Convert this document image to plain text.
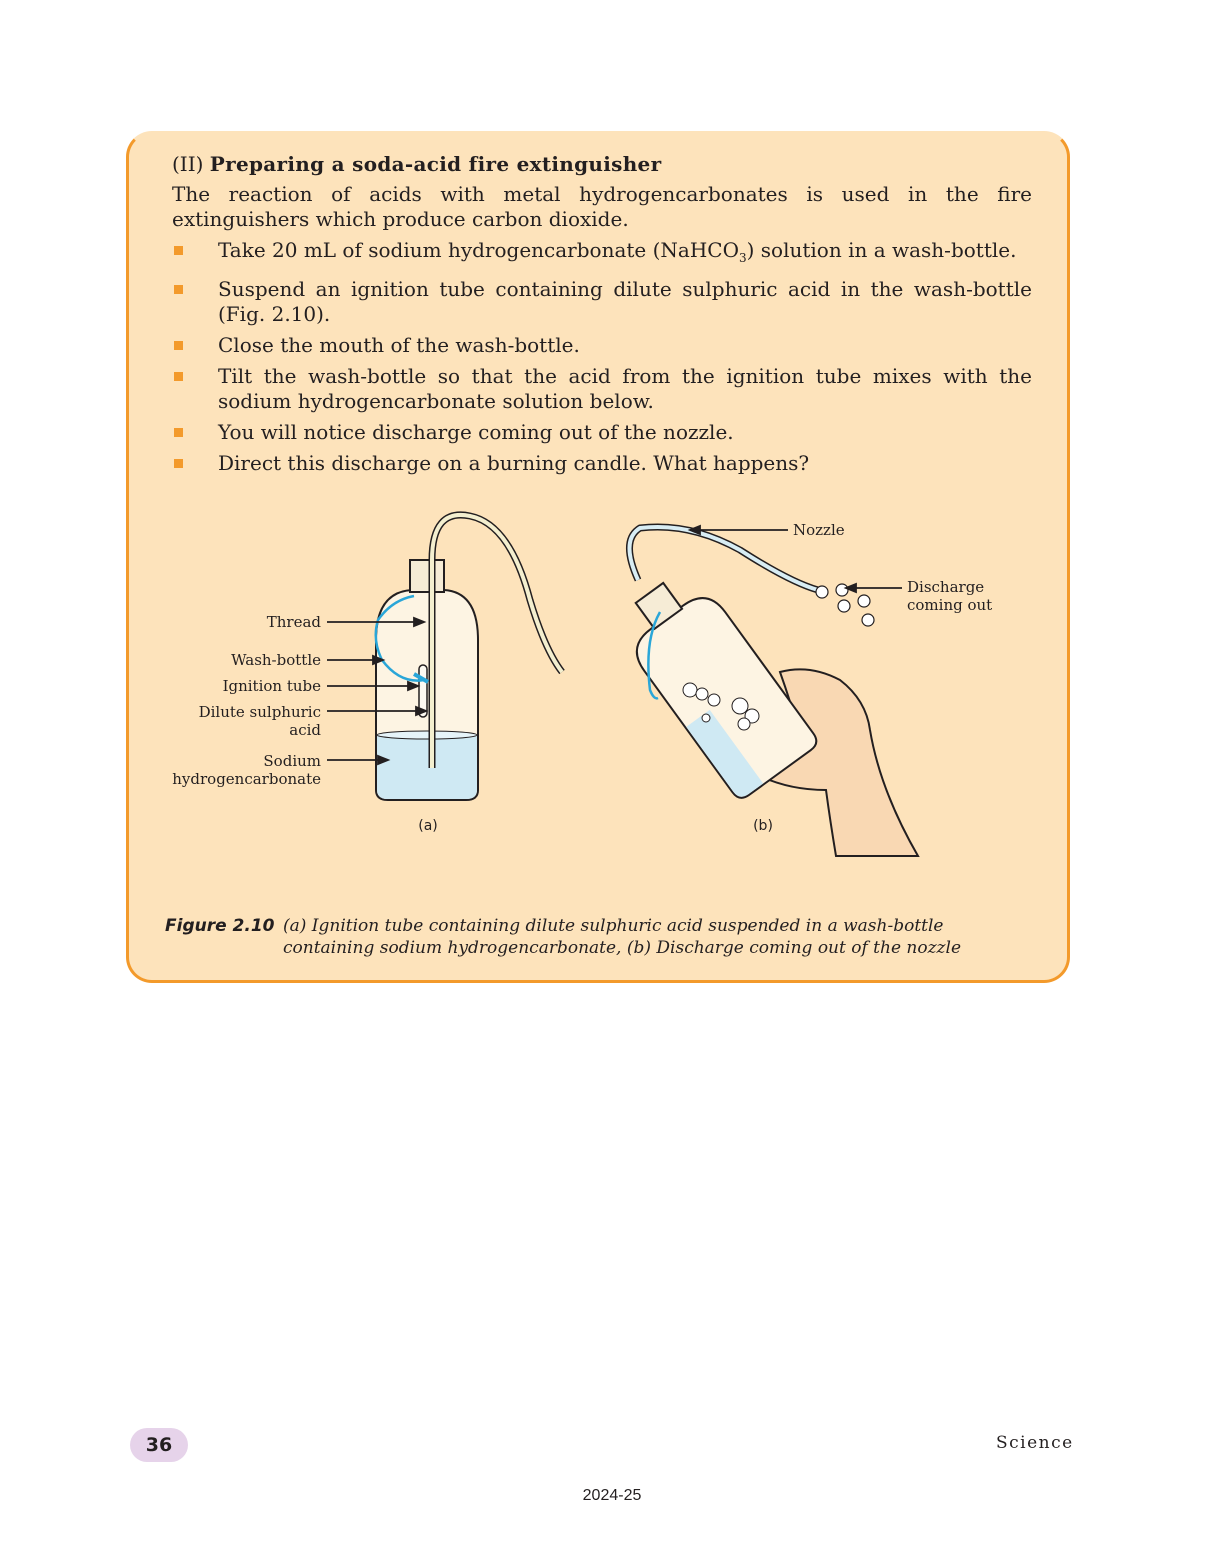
(II) Preparing a soda-acid fire extinguisher
The reaction of acids with metal hydrogencarbonates is used in the fire extinguishers which produce carbon dioxide.
Take 20 mL of sodium hydrogencarbonate (NaHCO$_3$) solution in a wash-bottle.
Suspend an ignition tube containing dilute sulphuric acid in the wash-bottle (Fig. 2.10).
Close the mouth of the wash-bottle.
Tilt the wash-bottle so that the acid from the ignition tube mixes with the sodium hydrogencarbonate solution below.
You will notice discharge coming out of the nozzle.
Direct this discharge on a burning candle. What happens?
Thread
Wash-bottle
Ignition tube
Dilute sulphuric
acid
Sodium
hydrogencarbonate
(a)
Nozzle
Discharge
coming out
(b)
Figure 2.10 (a) Ignition tube containing dilute sulphuric acid suspended in a wash-bottle containing sodium hydrogencarbonate, (b) Discharge coming out of the nozzle
36	Science
2024-25
